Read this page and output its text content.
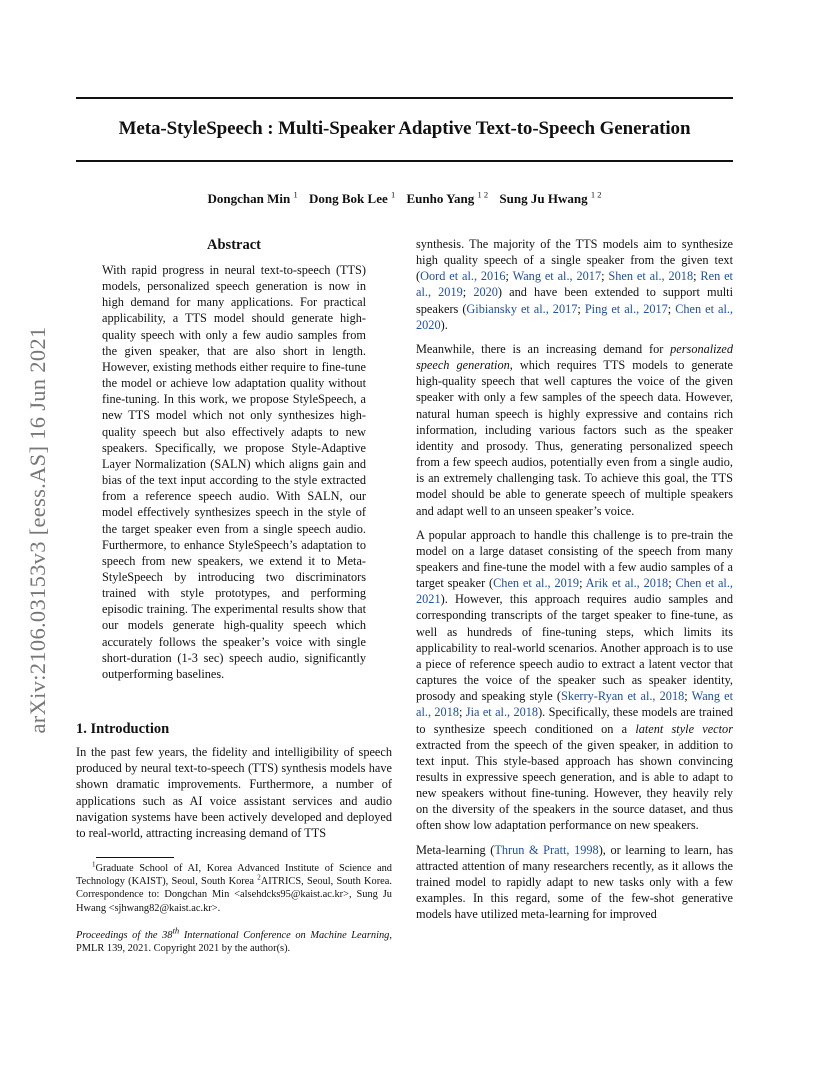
arXiv:2106.03153v3 [eess.AS] 16 Jun 2021
Meta-StyleSpeech : Multi-Speaker Adaptive Text-to-Speech Generation
Dongchan Min $^1$ Dong Bok Lee $^1$ Eunho Yang $^{1 2}$ Sung Ju Hwang $^{1 2}$
Abstract

With rapid progress in neural text-to-speech (TTS) models, personalized speech generation is now in high demand for many applications. For practical applicability, a TTS model should generate high-quality speech with only a few audio samples from the given speaker, that are also short in length. However, existing methods either require to fine-tune the model or achieve low adaptation quality without fine-tuning. In this work, we propose StyleSpeech, a new TTS model which not only synthesizes high-quality speech but also effectively adapts to new speakers. Specifically, we propose Style-Adaptive Layer Normalization (SALN) which aligns gain and bias of the text input according to the style extracted from a reference speech audio. With SALN, our model effectively synthesizes speech in the style of the target speaker even from a single speech audio. Furthermore, to enhance StyleSpeech’s adaptation to speech from new speakers, we extend it to Meta-StyleSpeech by introducing two discriminators trained with style prototypes, and performing episodic training. The experimental results show that our models generate high-quality speech which accurately follows the speaker’s voice with single short-duration (1-3 sec) speech audio, significantly outperforming baselines.

1. Introduction

In the past few years, the fidelity and intelligibility of speech produced by neural text-to-speech (TTS) synthesis models have shown dramatic improvements. Furthermore, a number of applications such as AI voice assistant services and audio navigation systems have been actively developed and deployed to real-world, attracting increasing demand of TTS

$^1$Graduate School of AI, Korea Advanced Institute of Science and Technology (KAIST), Seoul, South Korea $^2$AITRICS, Seoul, South Korea. Correspondence to: Dongchan Min <alsehdcks95@kaist.ac.kr>, Sung Ju Hwang <sjhwang82@kaist.ac.kr>.

Proceedings of the 38th International Conference on Machine Learning, PMLR 139, 2021. Copyright 2021 by the author(s).

synthesis. The majority of the TTS models aim to synthesize high quality speech of a single speaker from the given text (Oord et al., 2016; Wang et al., 2017; Shen et al., 2018; Ren et al., 2019; 2020) and have been extended to support multi speakers (Gibiansky et al., 2017; Ping et al., 2017; Chen et al., 2020).

Meanwhile, there is an increasing demand for personalized speech generation, which requires TTS models to generate high-quality speech that well captures the voice of the given speaker with only a few samples of the speech data. However, natural human speech is highly expressive and contains rich information, including various factors such as the speaker identity and prosody. Thus, generating personalized speech from a few speech audios, potentially even from a single audio, is an extremely challenging task. To achieve this goal, the TTS model should be able to generate speech of multiple speakers and adapt well to an unseen speaker’s voice.

A popular approach to handle this challenge is to pre-train the model on a large dataset consisting of the speech from many speakers and fine-tune the model with a few audio samples of a target speaker (Chen et al., 2019; Arik et al., 2018; Chen et al., 2021). However, this approach requires audio samples and corresponding transcripts of the target speaker to fine-tune, as well as hundreds of fine-tuning steps, which limits its applicability to real-world scenarios. Another approach is to use a piece of reference speech audio to extract a latent vector that captures the voice of the speaker such as speaker identity, prosody and speaking style (Skerry-Ryan et al., 2018; Wang et al., 2018; Jia et al., 2018). Specifically, these models are trained to synthesize speech conditioned on a latent style vector extracted from the speech of the given speaker, in addition to text input. This style-based approach has shown convincing results in expressive speech generation, and is able to adapt to new speakers without fine-tuning. However, they heavily rely on the diversity of the speakers in the source dataset, and thus often show low adaptation performance on new speakers.

Meta-learning (Thrun & Pratt, 1998), or learning to learn, has attracted attention of many researchers recently, as it allows the trained model to rapidly adapt to new tasks only with a few examples. In this regard, some of the few-shot generative models have utilized meta-learning for improved
